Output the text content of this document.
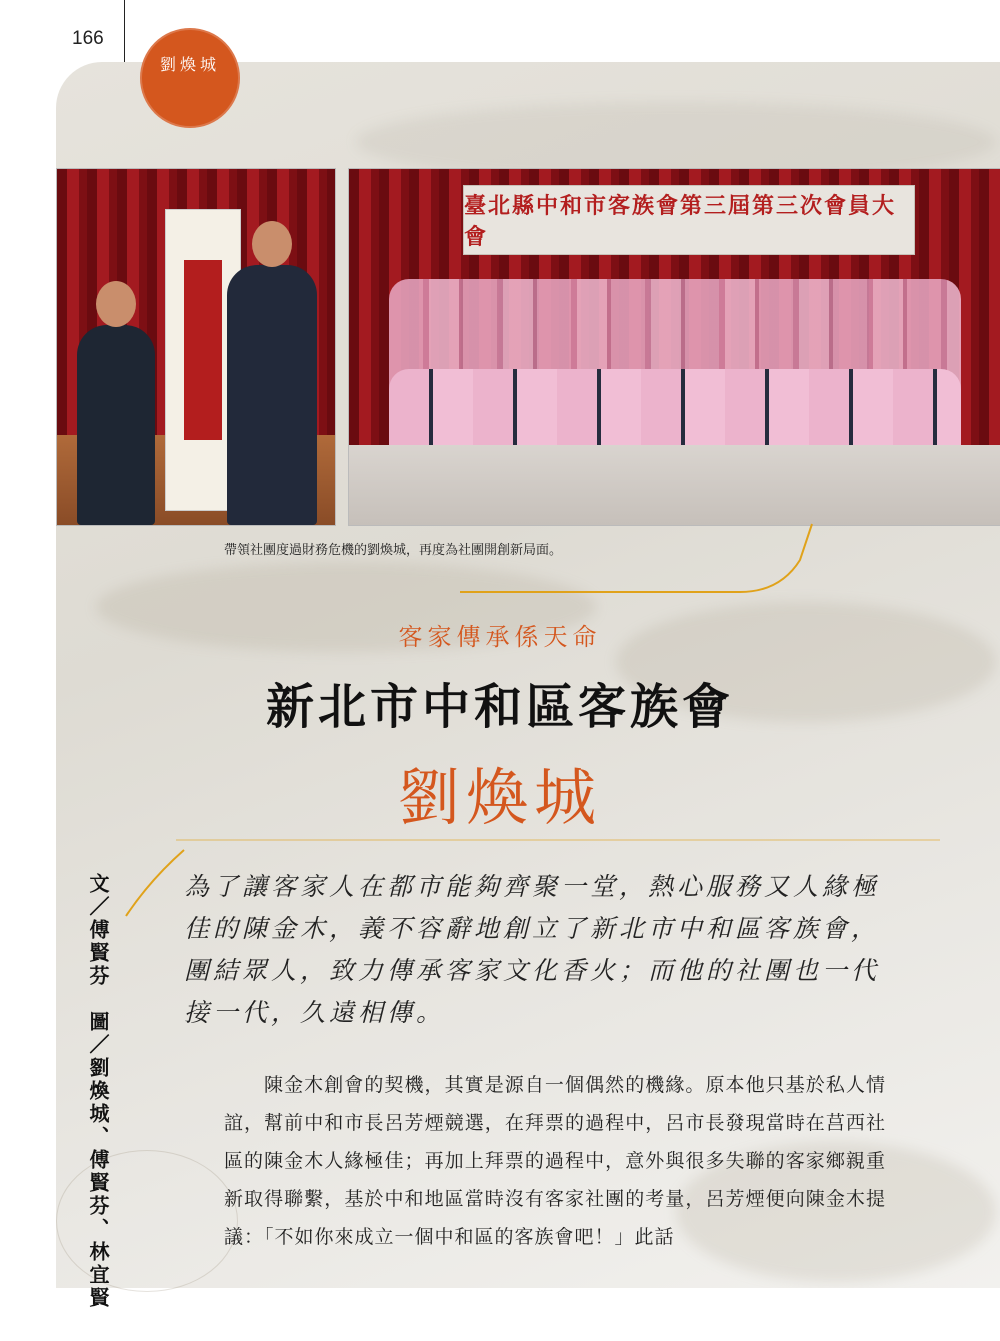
166
劉煥城
臺北縣中和市客族會第三屆第三次會員大會
帶領社團度過財務危機的劉煥城，再度為社團開創新局面。
客家傳承係天命
新北市中和區客族會
劉煥城
文／傅賢芬　圖／劉煥城、傅賢芬、林宜賢	為了讓客家人在都市能夠齊聚一堂，熱心服務又人緣極佳的陳金木，義不容辭地創立了新北市中和區客族會，團結眾人，致力傳承客家文化香火；而他的社團也一代接一代，久遠相傳。
陳金木創會的契機，其實是源自一個偶然的機緣。原本他只基於私人情誼，幫前中和市長呂芳煙競選，在拜票的過程中，呂市長發現當時在莒西社區的陳金木人緣極佳；再加上拜票的過程中，意外與很多失聯的客家鄉親重新取得聯繫，基於中和地區當時沒有客家社團的考量，呂芳煙便向陳金木提議：「不如你來成立一個中和區的客族會吧！」此話
